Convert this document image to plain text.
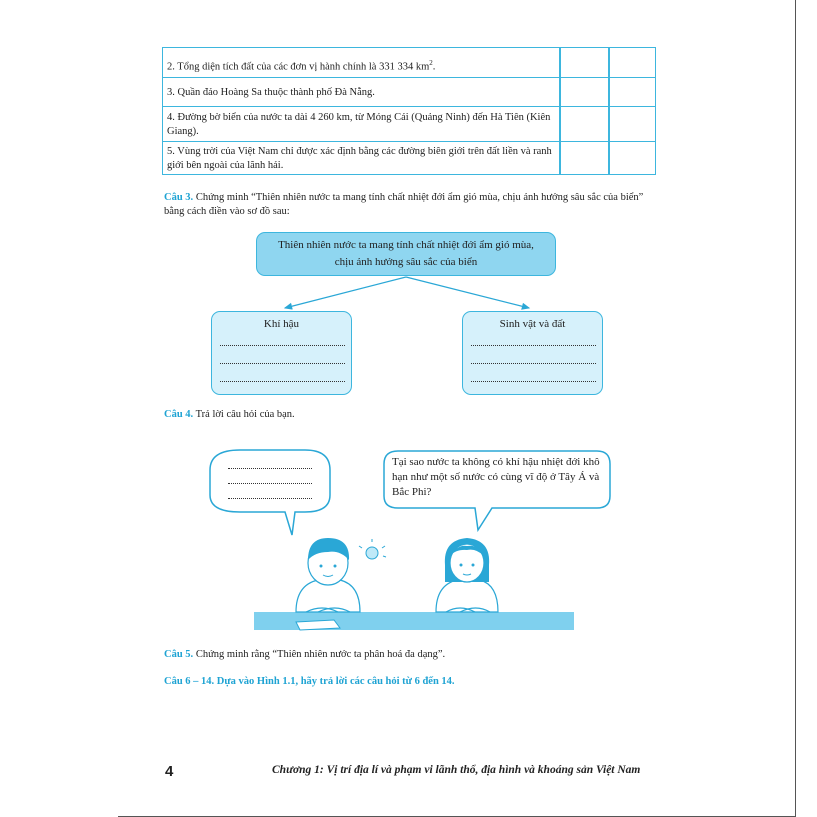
2. Tổng diện tích đất của các đơn vị hành chính là 331 334 $km^2$.
3. Quần đảo Hoàng Sa thuộc thành phố Đà Nẵng.
4. Đường bờ biển của nước ta dài 4 260 km, từ Móng Cái (Quảng Ninh) đến Hà Tiên (Kiên Giang).
5. Vùng trời của Việt Nam chỉ được xác định bằng các đường biên giới trên đất liền và ranh giới bên ngoài của lãnh hải.
Câu 3. Chứng minh “Thiên nhiên nước ta mang tính chất nhiệt đới ẩm gió mùa, chịu ảnh hưởng sâu sắc của biển” bằng cách điền vào sơ đồ sau:
Thiên nhiên nước ta mang tính chất nhiệt đới ẩm gió mùa,
chịu ảnh hưởng sâu sắc của biển
Khí hậu	Sinh vật và đất
Câu 4. Trả lời câu hỏi của bạn.
Tại sao nước ta không có khí hậu nhiệt đới khô hạn như một số nước có cùng vĩ độ ở Tây Á và Bắc Phi?
Câu 5. Chứng minh rằng “Thiên nhiên nước ta phân hoá đa dạng”.
Câu 6 – 14. Dựa vào Hình 1.1, hãy trả lời các câu hỏi từ 6 đến 14.
4	Chương 1: Vị trí địa lí và phạm vi lãnh thổ, địa hình và khoáng sản Việt Nam
